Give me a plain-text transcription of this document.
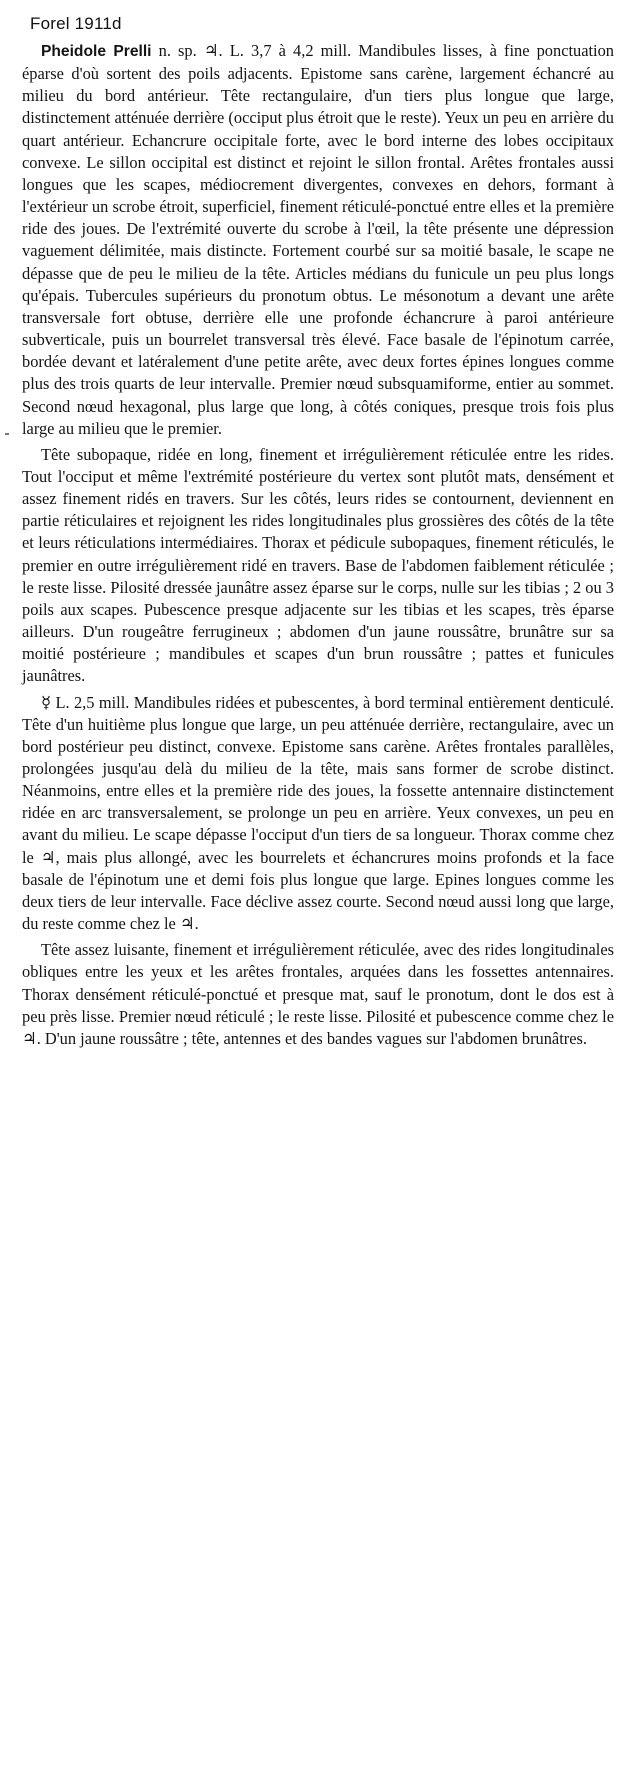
Forel 1911d

Pheidole Prelli n. sp. ♃. L. 3,7 à 4,2 mill. Mandibules lisses, à fine ponctuation éparse d'où sortent des poils adjacents. Epistome sans carène, largement échancré au milieu du bord antérieur. Tête rectangulaire, d'un tiers plus longue que large, distinctement atténuée derrière (occiput plus étroit que le reste). Yeux un peu en arrière du quart antérieur. Echancrure occipitale forte, avec le bord interne des lobes occipitaux convexe. Le sillon occipital est distinct et rejoint le sillon frontal. Arêtes frontales aussi longues que les scapes, médiocrement divergentes, convexes en dehors, formant à l'extérieur un scrobe étroit, superficiel, finement réticulé-ponctué entre elles et la première ride des joues. De l'extrémité ouverte du scrobe à l'œil, la tête présente une dépression vaguement délimitée, mais distincte. Fortement courbé sur sa moitié basale, le scape ne dépasse que de peu le milieu de la tête. Articles médians du funicule un peu plus longs qu'épais. Tubercules supérieurs du pronotum obtus. Le mésonotum a devant une arête transversale fort obtuse, derrière elle une profonde échancrure à paroi antérieure subverticale, puis un bourrelet transversal très élevé. Face basale de l'épinotum carrée, bordée devant et latéralement d'une petite arête, avec deux fortes épines longues comme plus des trois quarts de leur intervalle. Premier nœud subsquamiforme, entier au sommet. Second nœud hexagonal, plus large que long, à côtés coniques, presque trois fois plus large au milieu que le premier.

Tête subopaque, ridée en long, finement et irrégulièrement réticulée entre les rides. Tout l'occiput et même l'extrémité postérieure du vertex sont plutôt mats, densément et assez finement ridés en travers. Sur les côtés, leurs rides se contournent, deviennent en partie réticulaires et rejoignent les rides longitudinales plus grossières des côtés de la tête et leurs réticulations intermédiaires. Thorax et pédicule subopaques, finement réticulés, le premier en outre irrégulièrement ridé en travers. Base de l'abdomen faiblement réticulée ; le reste lisse. Pilosité dressée jaunâtre assez éparse sur le corps, nulle sur les tibias ; 2 ou 3 poils aux scapes. Pubescence presque adjacente sur les tibias et les scapes, très éparse ailleurs. D'un rougeâtre ferrugineux ; abdomen d'un jaune roussâtre, brunâtre sur sa moitié postérieure ; mandibules et scapes d'un brun roussâtre ; pattes et funicules jaunâtres.

☿ L. 2,5 mill. Mandibules ridées et pubescentes, à bord terminal entièrement denticulé. Tête d'un huitième plus longue que large, un peu atténuée derrière, rectangulaire, avec un bord postérieur peu distinct, convexe. Epistome sans carène. Arêtes frontales parallèles, prolongées jusqu'au delà du milieu de la tête, mais sans former de scrobe distinct. Néanmoins, entre elles et la première ride des joues, la fossette antennaire distinctement ridée en arc transversalement, se prolonge un peu en arrière. Yeux convexes, un peu en avant du milieu. Le scape dépasse l'occiput d'un tiers de sa longueur. Thorax comme chez le ♃, mais plus allongé, avec les bourrelets et échancrures moins profonds et la face basale de l'épinotum une et demi fois plus longue que large. Epines longues comme les deux tiers de leur intervalle. Face déclive assez courte. Second nœud aussi long que large, du reste comme chez le ♃.

Tête assez luisante, finement et irrégulièrement réticulée, avec des rides longitudinales obliques entre les yeux et les arêtes frontales, arquées dans les fossettes antennaires. Thorax densément réticulé-ponctué et presque mat, sauf le pronotum, dont le dos est à peu près lisse. Premier nœud réticulé ; le reste lisse. Pilosité et pubescence comme chez le ♃. D'un jaune roussâtre ; tête, antennes et des bandes vagues sur l'abdomen brunâtres.
